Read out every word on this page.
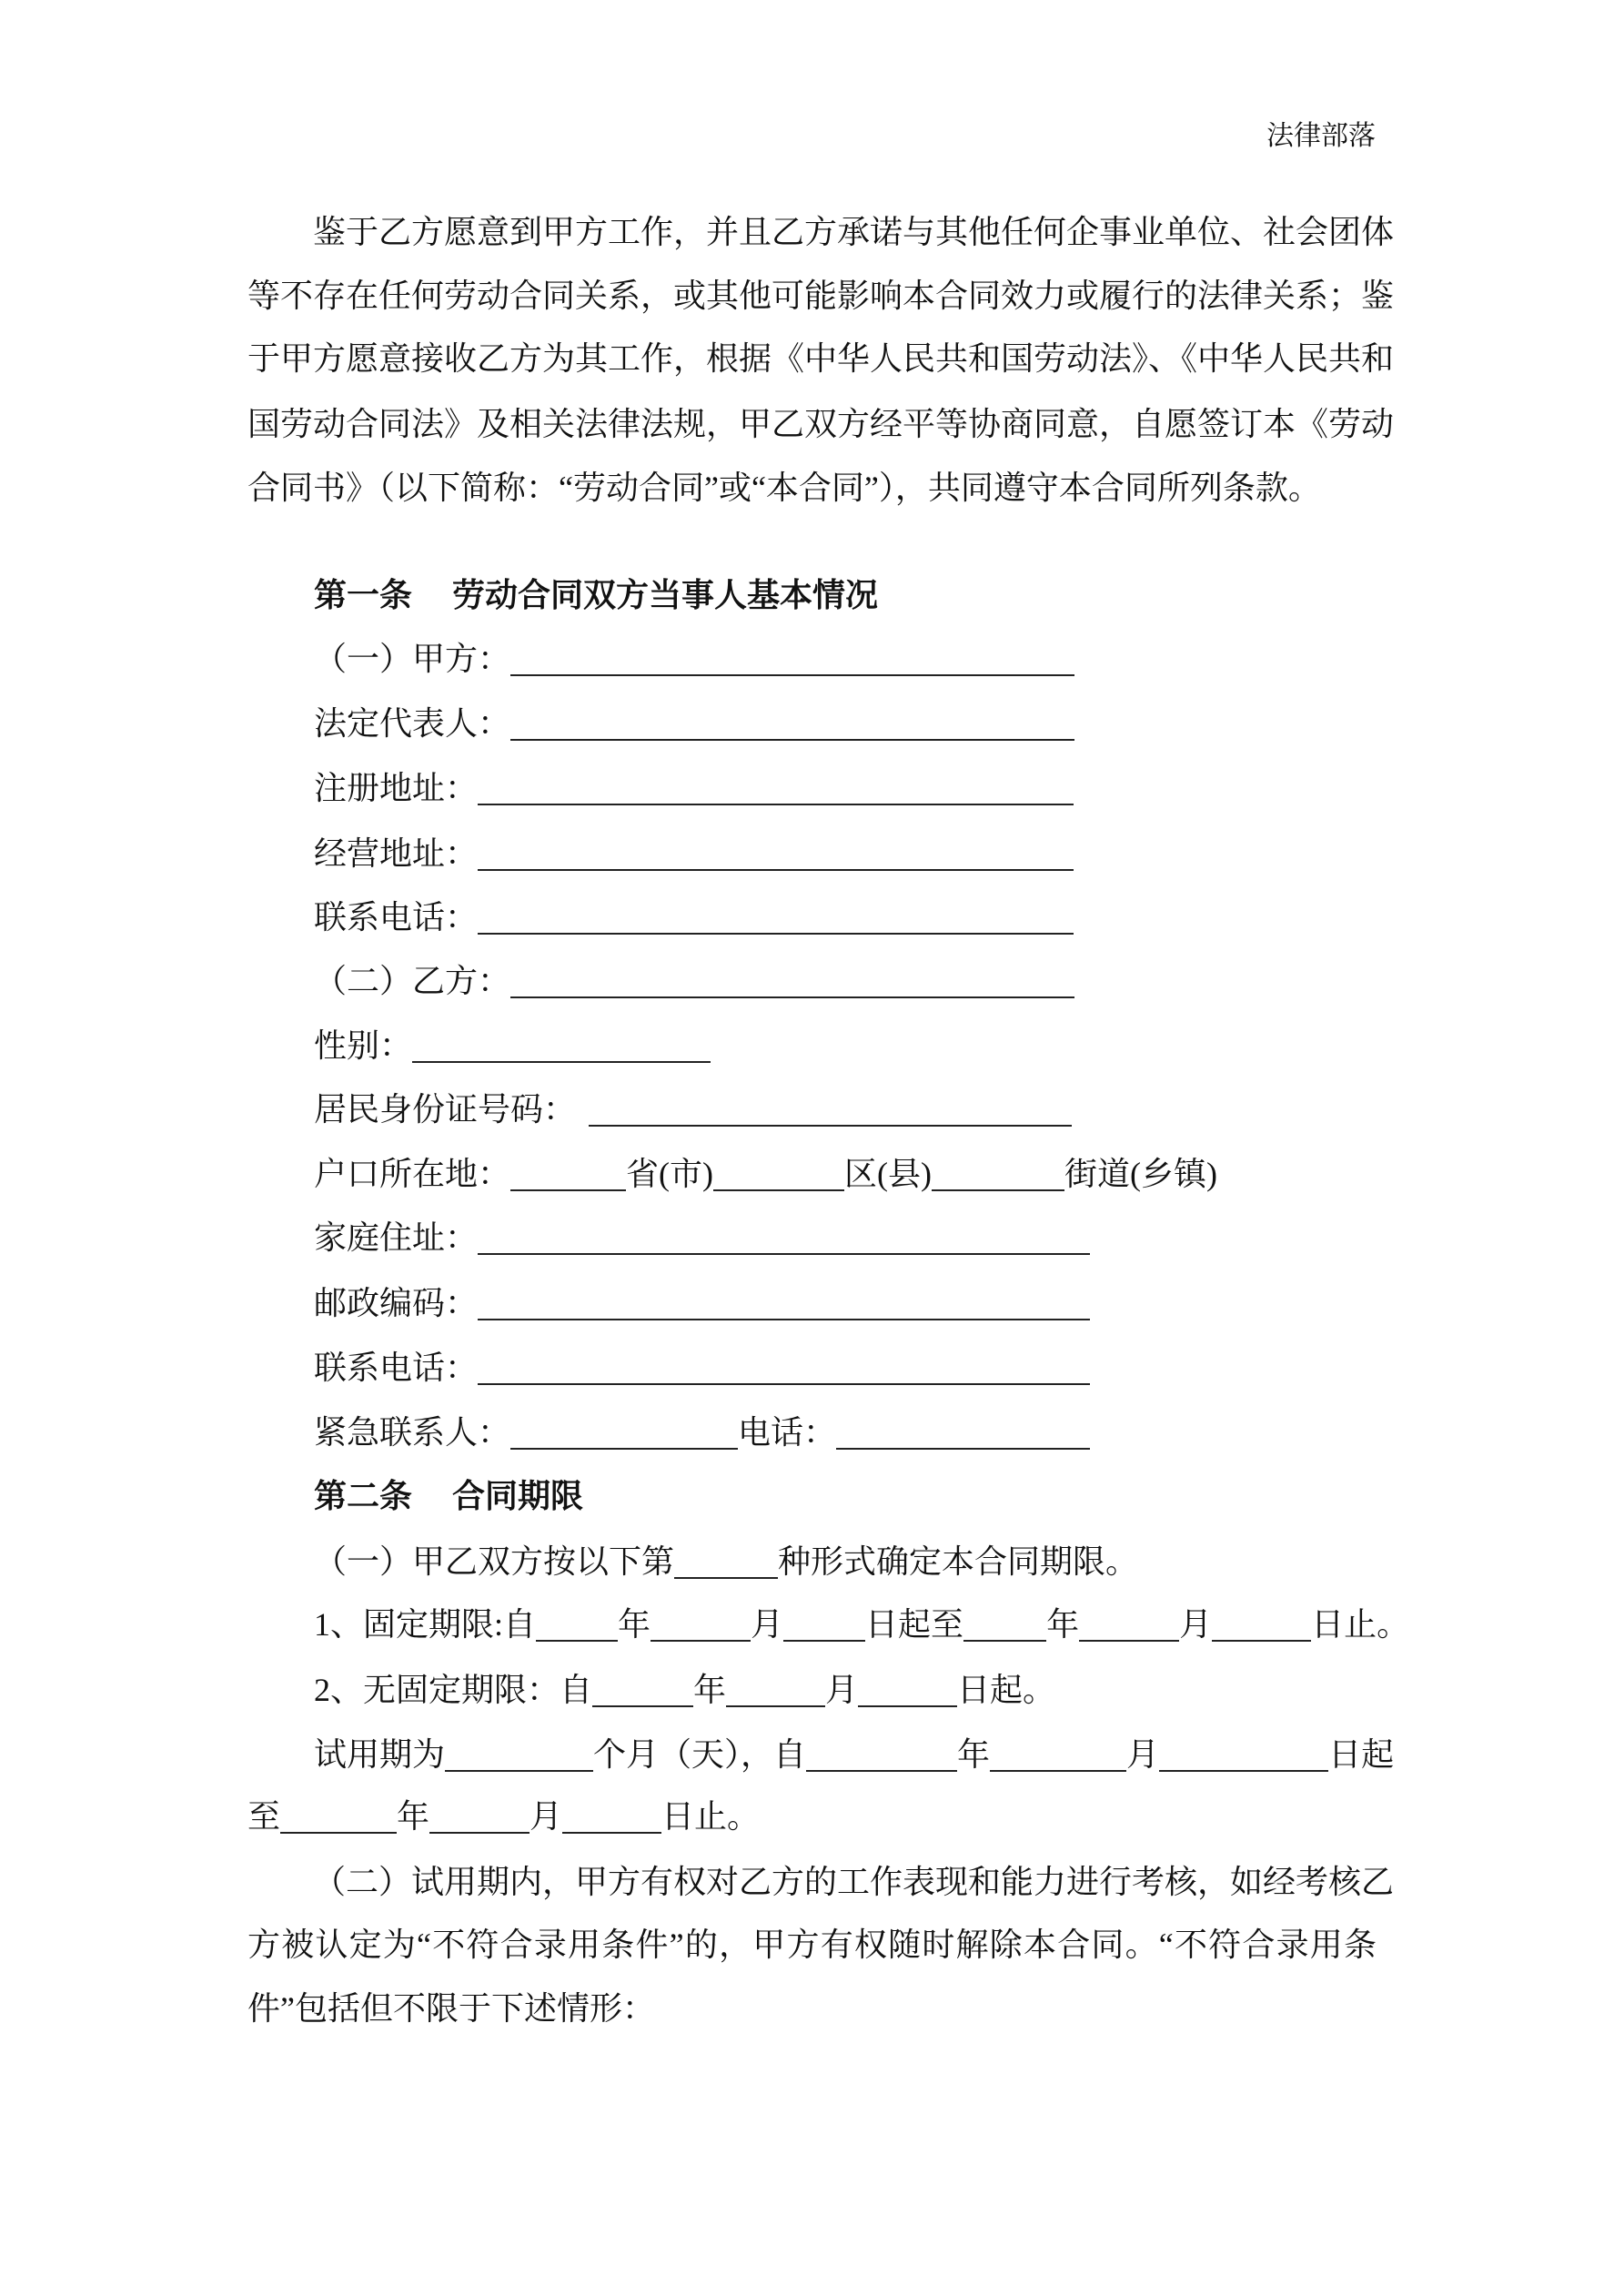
法律部落
鉴于乙方愿意到甲方工作，并且乙方承诺与其他任何企事业单位、社会团体
等不存在任何劳动合同关系，或其他可能影响本合同效力或履行的法律关系；鉴
于甲方愿意接收乙方为其工作，根据《中华人民共和国劳动法》、《中华人民共和
国劳动合同法》及相关法律法规，甲乙双方经平等协商同意，自愿签订本《劳动
合同书》（以下简称：“劳动合同”或“本合同”），共同遵守本合同所列条款。
第一条 劳动合同双方当事人基本情况
（一）甲方：
法定代表人：
注册地址：
经营地址：
联系电话：
（二）乙方：
性别：
居民身份证号码：
户口所在地：	省(市)	区(县)	街道(乡镇)
家庭住址：
邮政编码：
联系电话：
紧急联系人：	电话：
第二条 合同期限
（一）甲乙双方按以下第	种形式确定本合同期限。
1、固定期限:自	年	月	日起至	年	月	日止。
2、无固定期限：自	年	月	日起。
试用期为	个月（天），自	年	月	日起
至	年	月	日止。
（二）试用期内，甲方有权对乙方的工作表现和能力进行考核，如经考核乙
方被认定为“不符合录用条件”的，甲方有权随时解除本合同。“不符合录用条
件”包括但不限于下述情形：
